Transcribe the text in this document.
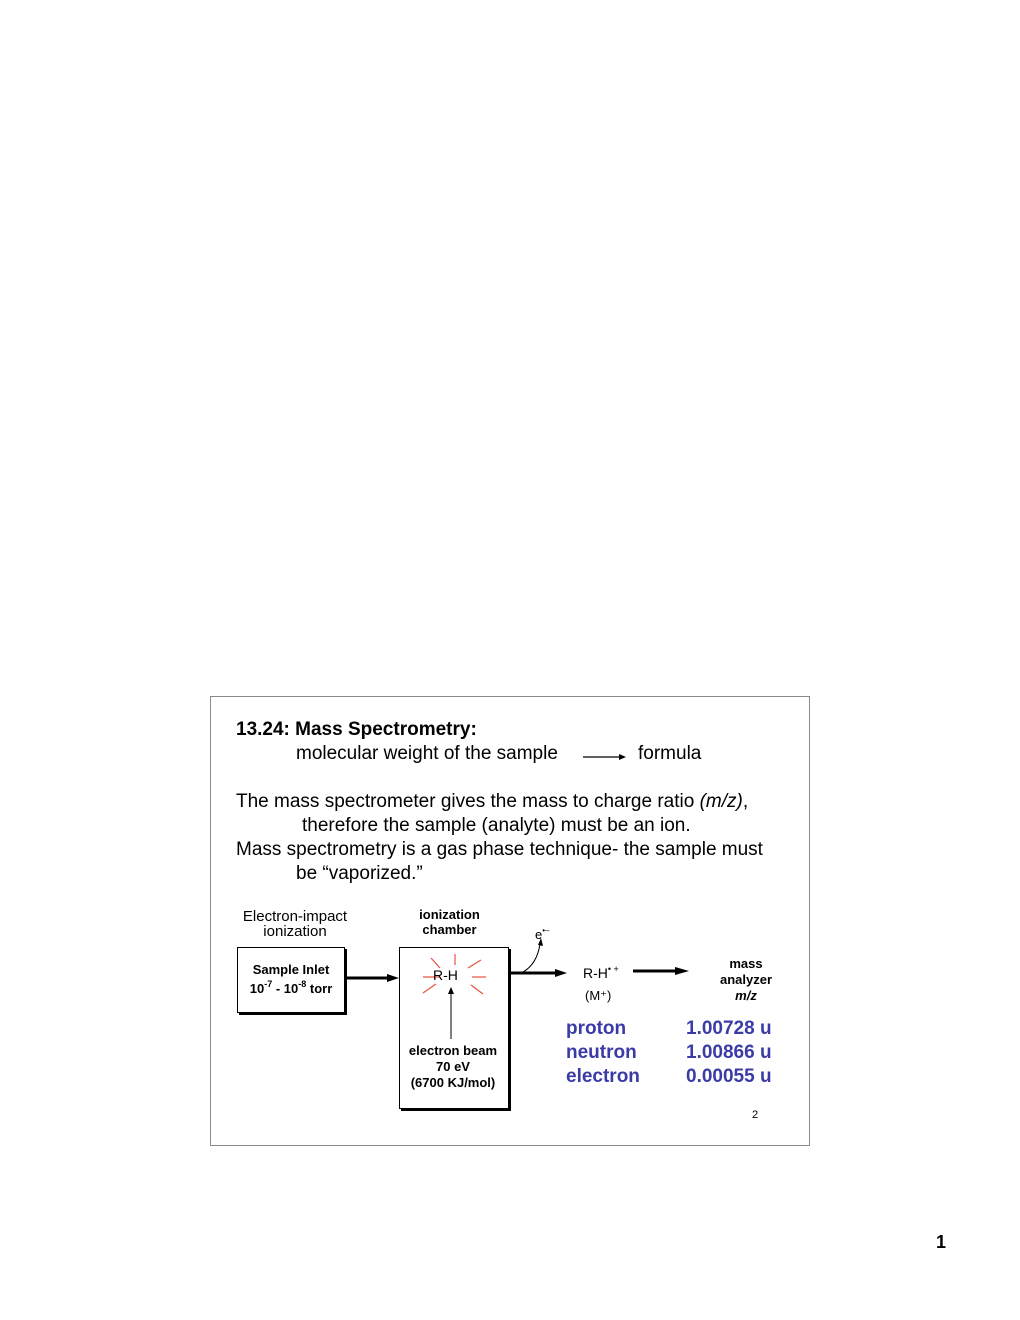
13.24: Mass Spectrometry:
molecular weight of the sample	formula
The mass spectrometer gives the mass to charge ratio (m/z),
therefore the sample (analyte) must be an ion.
Mass spectrometry is a gas phase technique- the sample must
be “vaporized.”
Electron-impact
ionization
ionization
chamber
Sample Inlet
$10^{-7} - 10^{-8}$ torr
R-H
electron beam
70 eV
(6700 KJ/mol)
e•–
R-H• +
(M⁺)
mass
analyzer
m/z
proton	1.00728 u
neutron	1.00866 u
electron	0.00055 u
2
1
